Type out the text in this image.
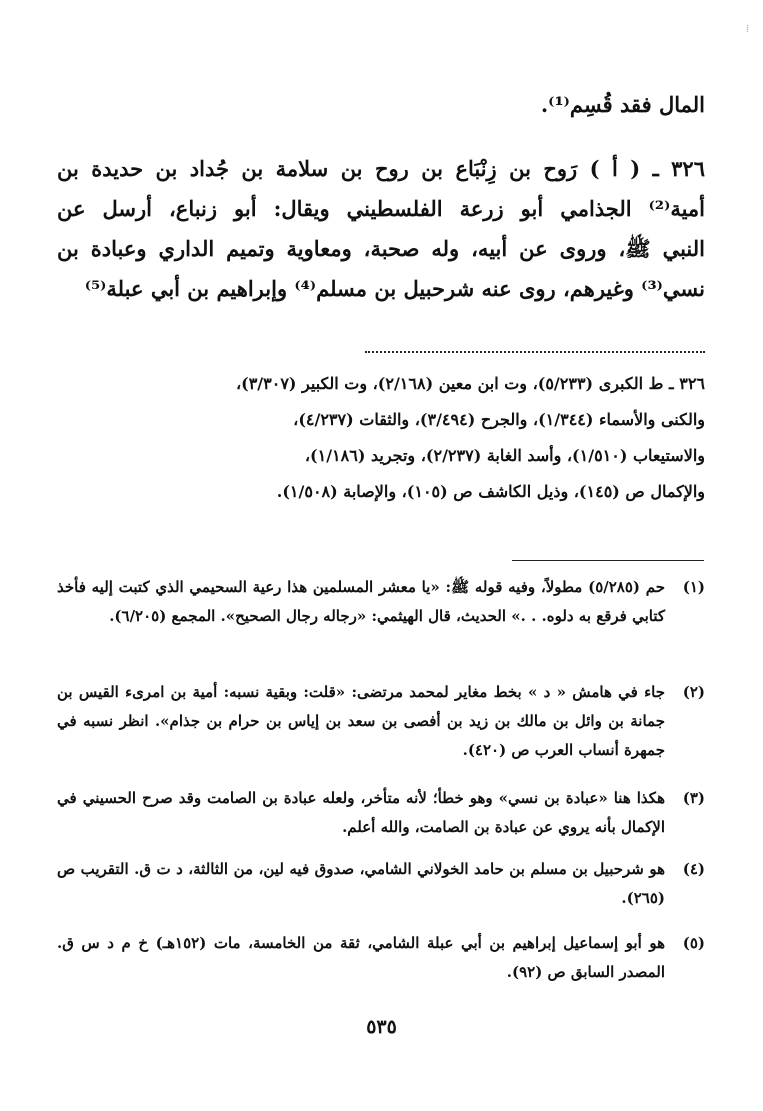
⁞
المال فقد قُسِم⁽¹⁾.
٣٢٦ ـ ( أ ) رَوح بن زِنْبَاع بن روح بن سلامة بن جُداد بن حديدة بن
أمية⁽²⁾ الجذامي أبو زرعة الفلسطيني ويقال: أبو زنباع، أرسل عن
النبي ﷺ، وروى عن أبيه، وله صحبة، ومعاوية وتميم الداري وعبادة بن
نسي⁽³⁾ وغيرهم، روى عنه شرحبيل بن مسلم⁽⁴⁾ وإبراهيم بن أبي عبلة⁽⁵⁾
٣٢٦ ـ ط الكبرى (٥/٢٣٣)، وت ابن معين (٢/١٦٨)، وت الكبير (٣/٣٠٧)،
والكنى والأسماء (١/٣٤٤)، والجرح (٣/٤٩٤)، والثقات (٤/٢٣٧)،
والاستيعاب (١/٥١٠)، وأسد الغابة (٢/٢٣٧)، وتجريد (١/١٨٦)،
والإكمال ص (١٤٥)، وذيل الكاشف ص (١٠٥)، والإصابة (١/٥٠٨).
(١)
حم (٥/٢٨٥) مطولاً، وفيه قوله ﷺ: «يا معشر المسلمين هذا رعية السحيمي الذي كتبت إليه فأخذ كتابي فرقع به دلوه. . .» الحديث، قال الهيثمي: «رجاله رجال الصحيح». المجمع (٦/٢٠٥).
(٢)
جاء في هامش « د » بخط مغاير لمحمد مرتضى: «قلت: وبقية نسبه: أمية بن امرىء القيس بن جمانة بن وائل بن مالك بن زيد بن أفصى بن سعد بن إياس بن حرام بن جذام». انظر نسبه في جمهرة أنساب العرب ص (٤٢٠).
(٣)
هكذا هنا «عبادة بن نسي» وهو خطأ؛ لأنه متأخر، ولعله عبادة بن الصامت وقد صرح الحسيني في الإكمال بأنه يروي عن عبادة بن الصامت، والله أعلم.
(٤)
هو شرحبيل بن مسلم بن حامد الخولاني الشامي، صدوق فيه لين، من الثالثة، د ت ق. التقريب ص (٢٦٥).
(٥)
هو أبو إسماعيل إبراهيم بن أبي عبلة الشامي، ثقة من الخامسة، مات (١٥٢هـ) خ م د س ق. المصدر السابق ص (٩٢).
٥٣٥
